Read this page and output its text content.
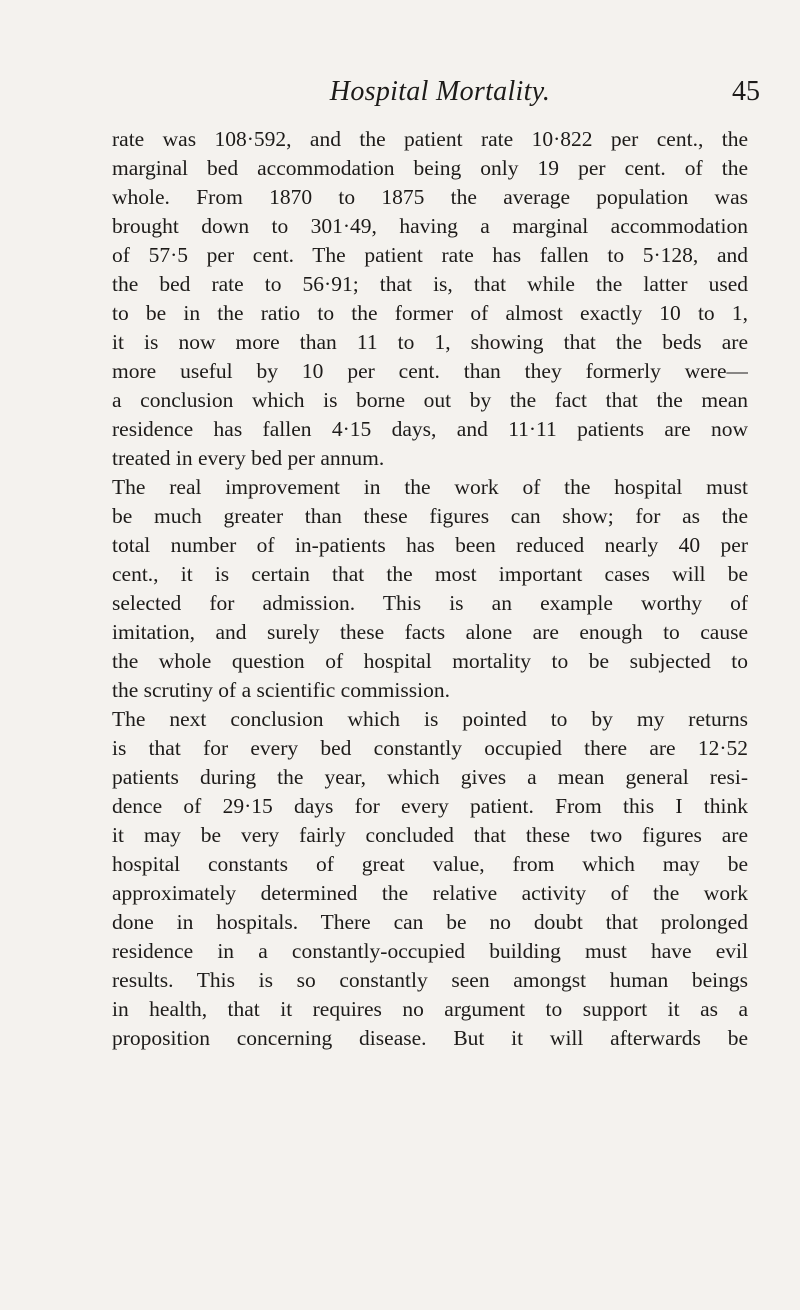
Hospital Mortality.	45
rate was 108·592, and the patient rate 10·822 per cent., the
marginal bed accommodation being only 19 per cent. of the
whole. From 1870 to 1875 the average population was
brought down to 301·49, having a marginal accommodation
of 57·5 per cent. The patient rate has fallen to 5·128, and
the bed rate to 56·91; that is, that while the latter used
to be in the ratio to the former of almost exactly 10 to 1,
it is now more than 11 to 1, showing that the beds are
more useful by 10 per cent. than they formerly were—
a conclusion which is borne out by the fact that the mean
residence has fallen 4·15 days, and 11·11 patients are now
treated in every bed per annum.
The real improvement in the work of the hospital must
be much greater than these figures can show; for as the
total number of in-patients has been reduced nearly 40 per
cent., it is certain that the most important cases will be
selected for admission. This is an example worthy of
imitation, and surely these facts alone are enough to cause
the whole question of hospital mortality to be subjected to
the scrutiny of a scientific commission.
The next conclusion which is pointed to by my returns
is that for every bed constantly occupied there are 12·52
patients during the year, which gives a mean general resi-
dence of 29·15 days for every patient. From this I think
it may be very fairly concluded that these two figures are
hospital constants of great value, from which may be
approximately determined the relative activity of the work
done in hospitals. There can be no doubt that prolonged
residence in a constantly-occupied building must have evil
results. This is so constantly seen amongst human beings
in health, that it requires no argument to support it as a
proposition concerning disease. But it will afterwards be
